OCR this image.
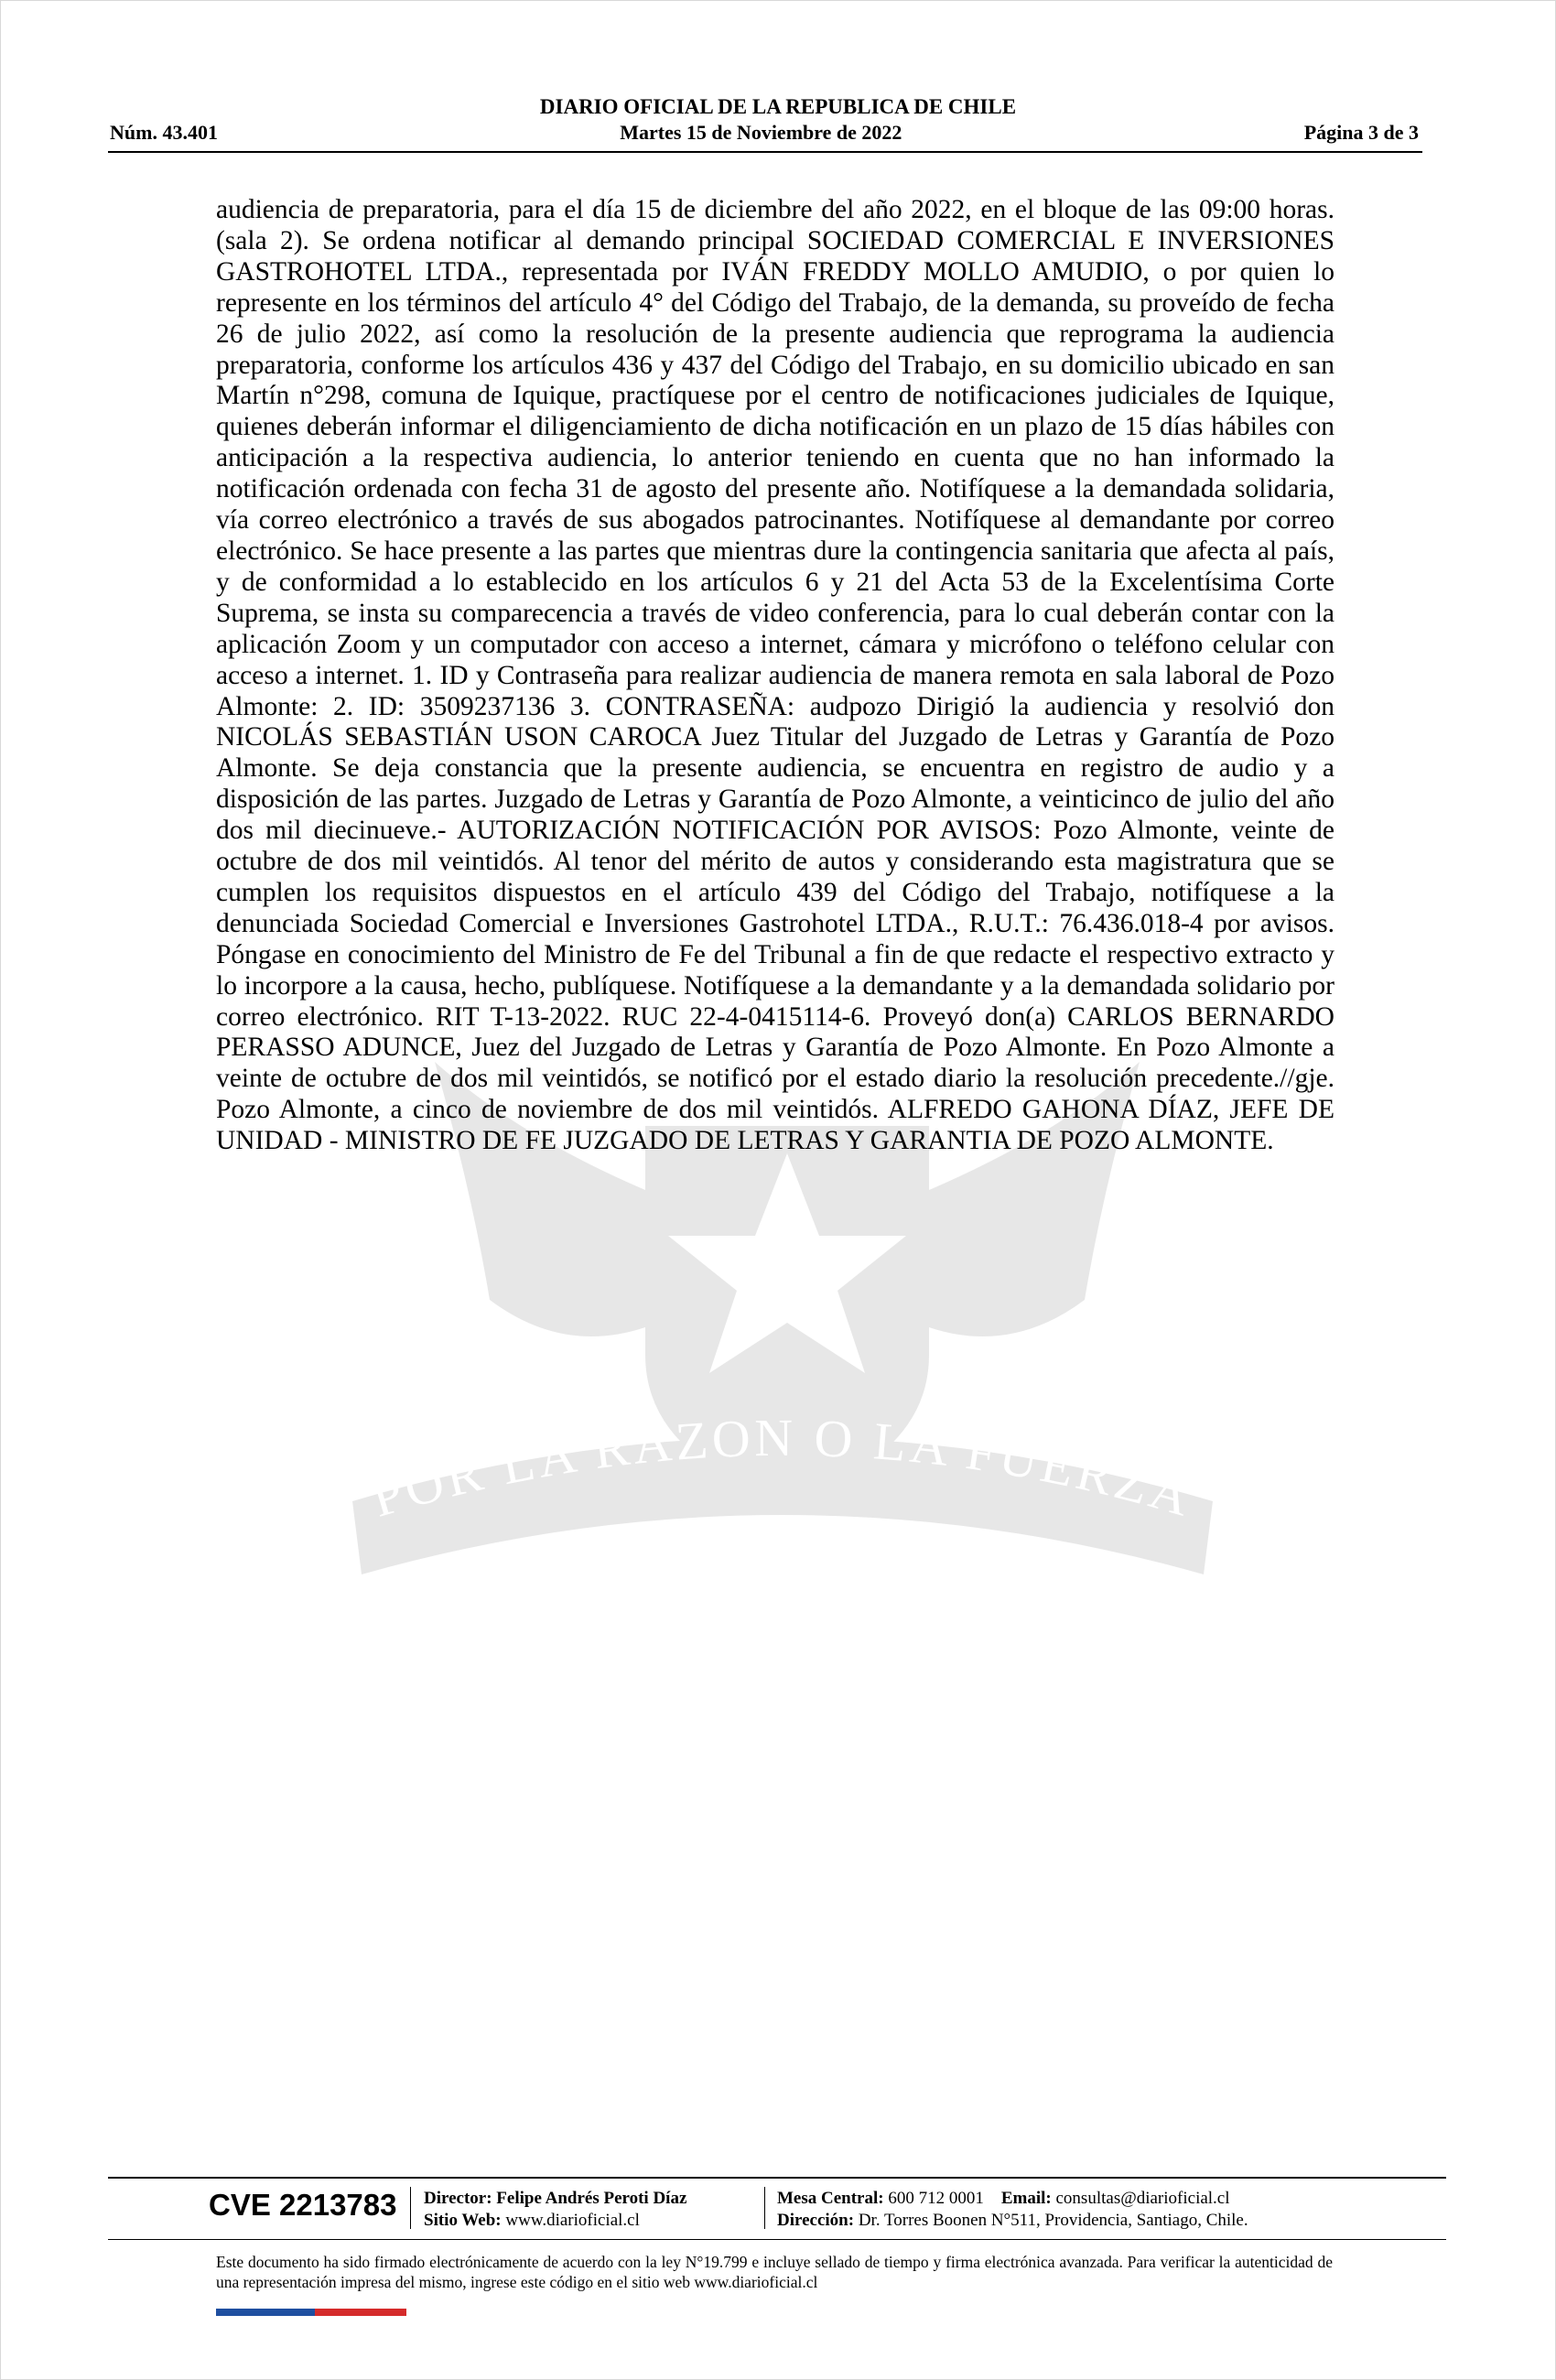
DIARIO OFICIAL DE LA REPUBLICA DE CHILE
Núm. 43.401	Martes 15 de Noviembre de 2022	Página 3 de 3
POR LA RAZON O LA FUERZA
audiencia de preparatoria, para el día 15 de diciembre del año 2022, en el bloque de las 09:00 horas. (sala 2). Se ordena notificar al demando principal SOCIEDAD COMERCIAL E INVERSIONES GASTROHOTEL LTDA., representada por IVÁN FREDDY MOLLO AMUDIO, o por quien lo represente en los términos del artículo 4° del Código del Trabajo, de la demanda, su proveído de fecha 26 de julio 2022, así como la resolución de la presente audiencia que reprograma la audiencia preparatoria, conforme los artículos 436 y 437 del Código del Trabajo, en su domicilio ubicado en san Martín n°298, comuna de Iquique, practíquese por el centro de notificaciones judiciales de Iquique, quienes deberán informar el diligenciamiento de dicha notificación en un plazo de 15 días hábiles con anticipación a la respectiva audiencia, lo anterior teniendo en cuenta que no han informado la notificación ordenada con fecha 31 de agosto del presente año. Notifíquese a la demandada solidaria, vía correo electrónico a través de sus abogados patrocinantes. Notifíquese al demandante por correo electrónico. Se hace presente a las partes que mientras dure la contingencia sanitaria que afecta al país, y de conformidad a lo establecido en los artículos 6 y 21 del Acta 53 de la Excelentísima Corte Suprema, se insta su comparecencia a través de video conferencia, para lo cual deberán contar con la aplicación Zoom y un computador con acceso a internet, cámara y micrófono o teléfono celular con acceso a internet. 1. ID y Contraseña para realizar audiencia de manera remota en sala laboral de Pozo Almonte: 2. ID: 3509237136 3. CONTRASEÑA: audpozo Dirigió la audiencia y resolvió don NICOLÁS SEBASTIÁN USON CAROCA Juez Titular del Juzgado de Letras y Garantía de Pozo Almonte. Se deja constancia que la presente audiencia, se encuentra en registro de audio y a disposición de las partes. Juzgado de Letras y Garantía de Pozo Almonte, a veinticinco de julio del año dos mil diecinueve.- AUTORIZACIÓN NOTIFICACIÓN POR AVISOS: Pozo Almonte, veinte de octubre de dos mil veintidós. Al tenor del mérito de autos y considerando esta magistratura que se cumplen los requisitos dispuestos en el artículo 439 del Código del Trabajo, notifíquese a la denunciada Sociedad Comercial e Inversiones Gastrohotel LTDA., R.U.T.: 76.436.018-4 por avisos. Póngase en conocimiento del Ministro de Fe del Tribunal a fin de que redacte el respectivo extracto y lo incorpore a la causa, hecho, publíquese. Notifíquese a la demandante y a la demandada solidario por correo electrónico. RIT T-13-2022. RUC 22-4-0415114-6. Proveyó don(a) CARLOS BERNARDO PERASSO ADUNCE, Juez del Juzgado de Letras y Garantía de Pozo Almonte. En Pozo Almonte a veinte de octubre de dos mil veintidós, se notificó por el estado diario la resolución precedente.//gje. Pozo Almonte, a cinco de noviembre de dos mil veintidós. ALFREDO GAHONA DÍAZ, JEFE DE UNIDAD - MINISTRO DE FE JUZGADO DE LETRAS Y GARANTIA DE POZO ALMONTE.
CVE 2213783 Director: Felipe Andrés Peroti Díaz
Sitio Web: www.diarioficial.cl
Mesa Central: 600 712 0001 Email: consultas@diarioficial.cl
Dirección: Dr. Torres Boonen N°511, Providencia, Santiago, Chile.
Este documento ha sido firmado electrónicamente de acuerdo con la ley N°19.799 e incluye sellado de tiempo y firma electrónica avanzada. Para verificar la autenticidad de una representación impresa del mismo, ingrese este código en el sitio web www.diarioficial.cl
